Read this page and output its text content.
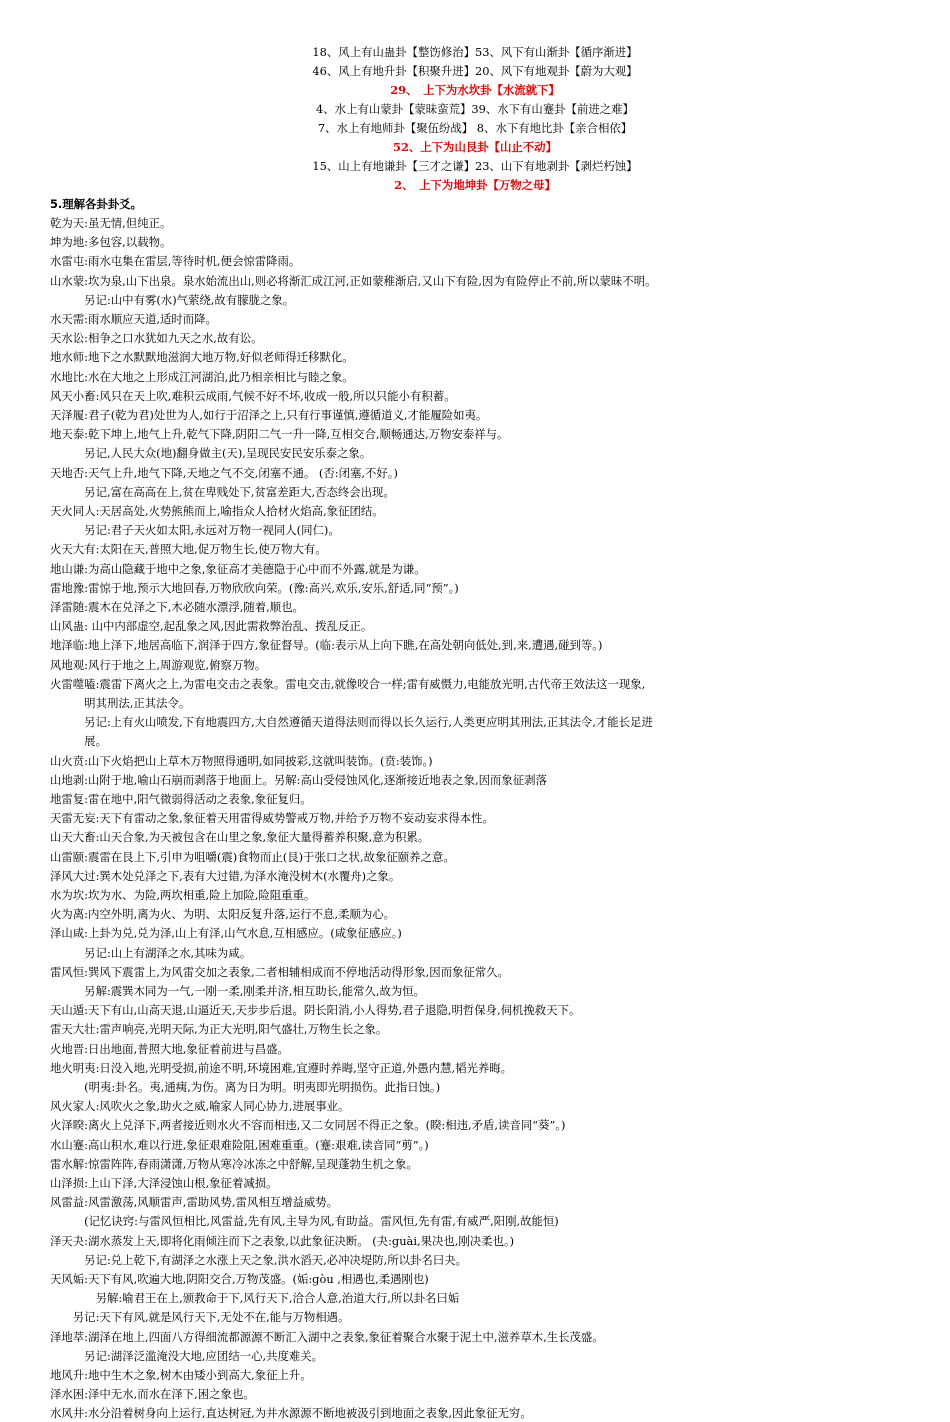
18、风上有山蛊卦【整饬修治】53、风下有山渐卦【循序渐进】
46、风上有地升卦【积聚升进】20、风下有地观卦【蔚为大观】
29、　上下为水坎卦【水流就下】
4、水上有山蒙卦【蒙昧蛮荒】39、水下有山蹇卦【前进之难】
7、水上有地师卦【聚伍纷战】 8、水下有地比卦【亲合相依】
52、上下为山艮卦【山止不动】
15、山上有地谦卦【三才之谦】23、山下有地剥卦【剥烂朽蚀】
2、　上下为地坤卦【万物之母】
5.理解各卦卦爻。
乾为天:虽无情,但纯正。
坤为地:多包容,以载物。
水雷屯:雨水屯集在雷层,等待时机,便会惊雷降雨。
山水蒙:坎为泉,山下出泉。泉水始流出山,则必将渐汇成江河,正如蒙稚渐启,又山下有险,因为有险停止不前,所以蒙昧不明。
　　　另记:山中有雾(水)气萦绕,故有朦胧之象。
水天需:雨水顺应天道,适时而降。
天水讼:相争之口水犹如九天之水,故有讼。
地水师:地下之水默默地滋润大地万物,好似老师得迁移默化。
水地比:水在大地之上形成江河湖泊,此乃相亲相比与睦之象。
风天小畜:风只在天上吹,难积云成雨,气候不好不坏,收成一般,所以只能小有积蓄。
天泽履:君子(乾为君)处世为人,如行于沼泽之上,只有行事谨慎,遵循道义,才能履险如夷。
地天泰:乾下坤上,地气上升,乾气下降,阴阳二气一升一降,互相交合,顺畅通达,万物安泰祥与。
　　　另记,人民大众(地)翻身做主(天),呈现民安民安乐泰之象。
天地否:天气上升,地气下降,天地之气不交,闭塞不通。 (否:闭塞,不好。)
　　　另记,富在高高在上,贫在卑贱处下,贫富差距大,否态终会出现。
天火同人:天居高处,火势熊熊而上,喻指众人拾材火焰高,象征团结。
　　　另记:君子天火如太阳,永远对万物一视同人(同仁)。
火天大有:太阳在天,普照大地,促万物生长,使万物大有。
地山谦:为高山隐藏于地中之象,象征高才美德隐于心中而不外露,就是为谦。
雷地豫:雷惊于地,预示大地回春,万物欣欣向荣。(豫:高兴,欢乐,安乐,舒适,同“预”。)
泽雷随:震木在兑泽之下,木必随水漂浮,随着,顺也。
山风蛊: 山中内部虚空,起乱象之风,因此需救弊治乱、拨乱反正。
地泽临:地上泽下,地居高临下,润泽于四方,象征督导。(临:表示从上向下瞧,在高处朝向低处,到,来,遭遇,碰到等。)
风地观:风行于地之上,周游观览,俯察万物。
火雷噬嗑:震雷下离火之上,为雷电交击之表象。雷电交击,就像咬合一样;雷有威慑力,电能放光明,古代帝王效法这一现象,
　　　明其刑法,正其法令。
　　　另记:上有火山喷发,下有地震四方,大自然遵循天道得法则而得以长久运行,人类更应明其刑法,正其法令,才能长足进
　　　展。
山火贲:山下火焰把山上草木万物照得通明,如同披彩,这就叫装饰。(贲:装饰。)
山地剥:山附于地,喻山石崩而剥落于地面上。另解:高山受侵蚀风化,逐渐接近地表之象,因而象征剥落
地雷复:雷在地中,阳气微弱得活动之表象,象征复归。
天雷无妄:天下有雷动之象,象征着天用雷得威势警戒万物,并给予万物不妄动妄求得本性。
山天大畜:山天合象,为天被包含在山里之象,象征大量得蓄养积聚,意为积累。
山雷颐:震雷在艮上下,引申为咀嚼(震)食物而止(艮)于张口之状,故象征颐养之意。
泽风大过:巽木处兑泽之下,表有大过错,为泽水淹没树木(水覆舟)之象。
水为坎:坎为水、为险,两坎相重,险上加险,险阻重重。
火为离:内空外明,离为火、为明、太阳反复升落,运行不息,柔顺为心。
泽山咸:上卦为兑,兑为泽,山上有泽,山气水息,互相感应。(咸象征感应。)
　　　另记:山上有湖泽之水,其味为咸。
雷风恒:巽风下震雷上,为风雷交加之表象,二者相辅相成而不停地活动得形象,因而象征常久。
　　　另解:震巽木同为一气,一刚一柔,刚柔并济,相互助长,能常久,故为恒。
天山遁:天下有山,山高天退,山逼近天,天步步后退。阴长阳消,小人得势,君子退隐,明哲保身,伺机挽救天下。
雷天大壮:雷声响亮,光明天际,为正大光明,阳气盛壮,万物生长之象。
火地晋:日出地面,普照大地,象征着前进与昌盛。
地火明夷:日没入地,光明受损,前途不明,环境困难,宜遵时养晦,坚守正道,外愚内慧,韬光养晦。
　　　(明夷:卦名。夷,通痍,为伤。离为日为明。明夷即光明损伤。此指日蚀。)
风火家人:风吹火之象,助火之威,喻家人同心协力,进展事业。
火泽睽:离火上兑泽下,两者接近则水火不容而相违,又二女同居不得正之象。(睽:相违,矛盾,读音同“葵”。)
水山蹇:高山积水,难以行进,象征艰难险阻,困难重重。(蹇:艰难,读音同“剪”。)
雷水解:惊雷阵阵,春雨潇潇,万物从寒冷冰冻之中舒解,呈现蓬勃生机之象。
山泽损:上山下泽,大泽浸蚀山根,象征着减损。
风雷益:风雷激荡,风顺雷声,雷助风势,雷风相互增益威势。
　　　(记忆诀窍:与雷风恒相比,风雷益,先有风,主导为风,有助益。雷风恒,先有雷,有威严,阳刚,故能恒)
泽天夬:湖水蒸发上天,即将化雨倾注而下之表象,以此象征决断。 (夬:guài,果决也,刚决柔也。)
　　　另记:兑上乾下,有湖泽之水涨上天之象,洪水滔天,必冲决堤防,所以卦名曰夬。
天风姤:天下有风,吹遍大地,阴阳交合,万物茂盛。(姤:gòu ,相遇也,柔遇刚也)
　　　　另解:喻君王在上,颁教命于下,风行天下,洽合人意,治道大行,所以卦名曰姤
　　另记:天下有风,就是风行天下,无处不在,能与万物相遇。
泽地萃:湖泽在地上,四面八方得细流都源源不断汇入湖中之表象,象征着聚合水聚于泥土中,滋养草木,生长茂盛。
　　　另记:湖泽泛滥淹没大地,应团结一心,共度难关。
地风升:地中生木之象,树木由矮小到高大,象征上升。
泽水困:泽中无水,而水在泽下,困之象也。
水风井:水分沿着树身向上运行,直达树冠,为井水源源不断地被汲引到地面之表象,因此象征无穷。
